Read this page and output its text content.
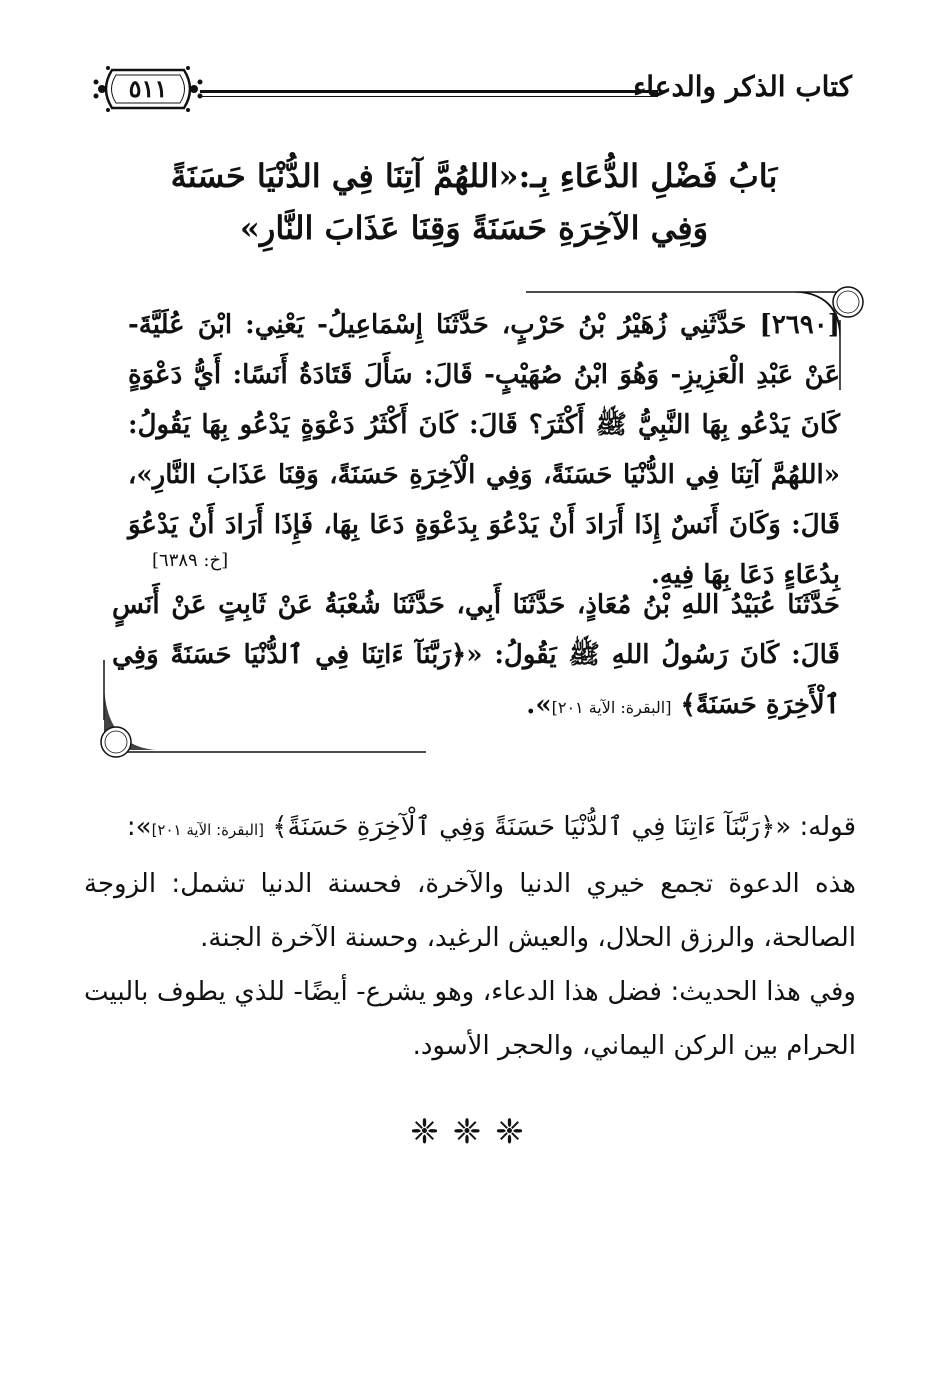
كتاب الذكر والدعاء
٥١١
بَابُ فَضْلِ الدُّعَاءِ بِـ:«اللهُمَّ آتِنَا فِي الدُّنْيَا حَسَنَةً
وَفِي الآخِرَةِ حَسَنَةً وَقِنَا عَذَابَ النَّارِ»

[٢٦٩٠] حَدَّثَنِي زُهَيْرُ بْنُ حَرْبٍ، حَدَّثَنَا إِسْمَاعِيلُ- يَعْنِي: ابْنَ عُلَيَّةَ- عَنْ عَبْدِ الْعَزِيزِ- وَهُوَ ابْنُ صُهَيْبٍ- قَالَ: سَأَلَ قَتَادَةُ أَنَسًا: أَيُّ دَعْوَةٍ كَانَ يَدْعُو بِهَا النَّبِيُّ ﷺ أَكْثَرَ؟ قَالَ: كَانَ أَكْثَرُ دَعْوَةٍ يَدْعُو بِهَا يَقُولُ: «اللهُمَّ آتِنَا فِي الدُّنْيَا حَسَنَةً، وَفِي الْآخِرَةِ حَسَنَةً، وَقِنَا عَذَابَ النَّارِ»، قَالَ: وَكَانَ أَنَسٌ إِذَا أَرَادَ أَنْ يَدْعُوَ بِدَعْوَةٍ دَعَا بِهَا، فَإِذَا أَرَادَ أَنْ يَدْعُوَ بِدُعَاءٍ دَعَا بِهَا فِيهِ.

[خ: ٦٣٨٩]

حَدَّثَنَا عُبَيْدُ اللهِ بْنُ مُعَاذٍ، حَدَّثَنَا أَبِي، حَدَّثَنَا شُعْبَةُ عَنْ ثَابِتٍ عَنْ أَنَسٍ قَالَ: كَانَ رَسُولُ اللهِ ﷺ يَقُولُ: «﴿رَبَّنَآ ءَاتِنَا فِي ٱلدُّنْيَا حَسَنَةً وَفِي ٱلْأَخِرَةِ حَسَنَةً﴾ [البقرة: الآية ٢٠١]».

قوله: «﴿رَبَّنَآ ءَاتِنَا فِي ٱلدُّنْيَا حَسَنَةً وَفِي ٱلْآخِرَةِ حَسَنَةً﴾ [البقرة: الآية ٢٠١]»:

هذه الدعوة تجمع خيري الدنيا والآخرة، فحسنة الدنيا تشمل: الزوجة الصالحة، والرزق الحلال، والعيش الرغيد، وحسنة الآخرة الجنة.

وفي هذا الحديث: فضل هذا الدعاء، وهو يشرع- أيضًا- للذي يطوف بالبيت الحرام بين الركن اليماني، والحجر الأسود.

❈❈❈
